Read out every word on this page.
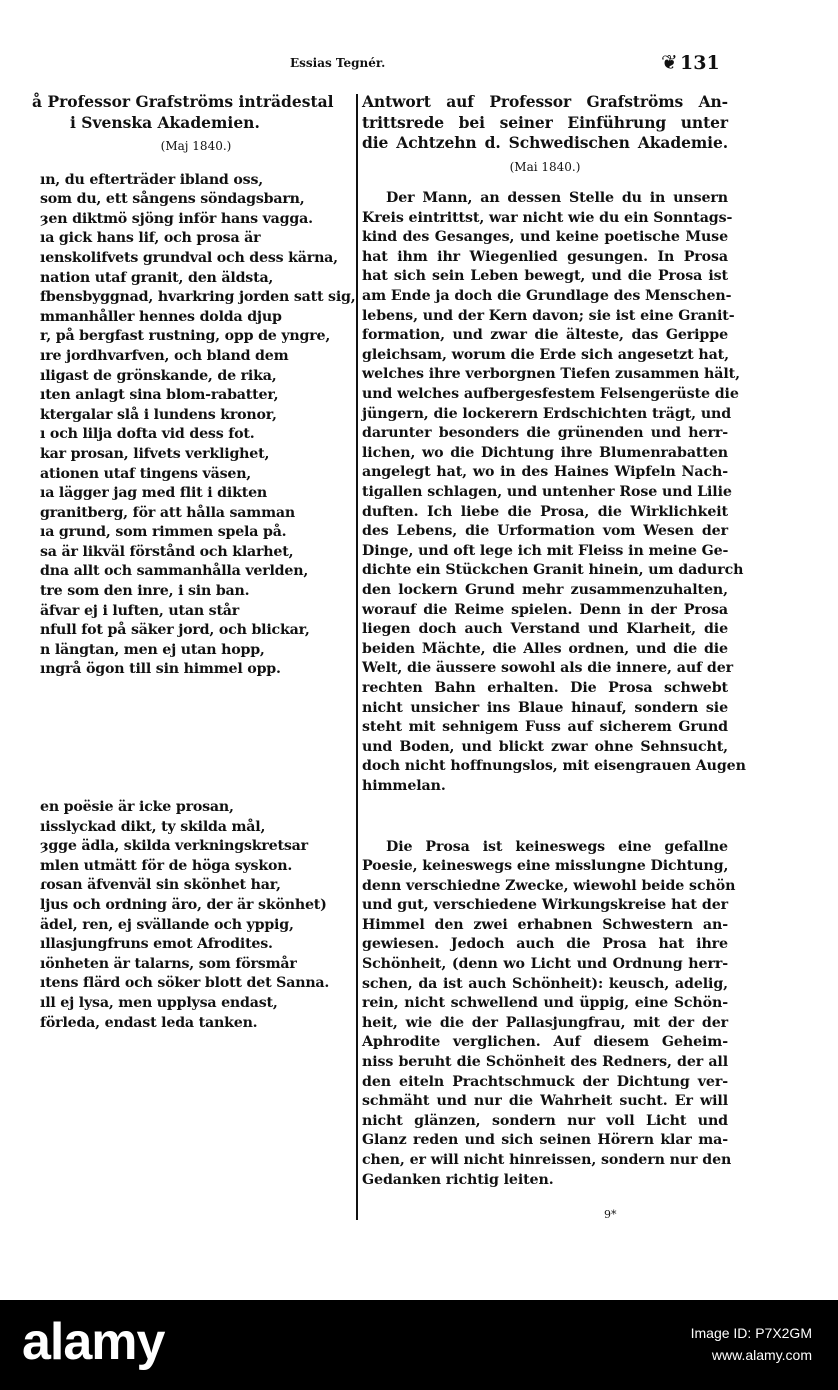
Essias Tegnér.	❦ 131
å Professor Grafströms inträdestal
i Svenska Akademien.
(Maj 1840.)
ın, du efterträder ibland oss,
som du, ett sångens söndagsbarn,
ȝen diktmö sjöng inför hans vagga.
ıa gick hans lif, och prosa är
ıenskolifvets grundval och dess kärna,
nation utaf granit, den äldsta,
fbensbyggnad, hvarkring jorden satt sig,
mmanhåller hennes dolda djup
r, på bergfast rustning, opp de yngre,
ıre jordhvarfven, och bland dem
ıligast de grönskande, de rika,
ıten anlagt sina blom-rabatter,
ktergalar slå i lundens kronor,
ı och lilja dofta vid dess fot.
kar prosan, lifvets verklighet,
ationen utaf tingens väsen,
ıa lägger jag med flit i dikten
granitberg, för att hålla samman
ıa grund, som rimmen spela på.
sa är likväl förstånd och klarhet,
dna allt och sammanhålla verlden,
tre som den inre, i sin ban.
äfvar ej i luften, utan står
nfull fot på säker jord, och blickar,
n längtan, men ej utan hopp,
ıngrå ögon till sin himmel opp.
en poësie är icke prosan,
ıisslyckad dikt, ty skilda mål,
ȝgge ädla, skilda verkningskretsar
mlen utmätt för de höga syskon.
ɾosan äfvenväl sin skönhet har,
ljus och ordning äro, der är skönhet)
ädel, ren, ej svällande och yppig,
ıllasjungfruns emot Afrodites.
ıönheten är talarns, som försmår
ıtens flärd och söker blott det Sanna.
ıll ej lysa, men upplysa endast,
förleda, endast leda tanken.
Antwort auf Professor Grafströms An-
trittsrede bei seiner Einführung unter
die Achtzehn d. Schwedischen Akademie.
(Mai 1840.)
Der Mann, an dessen Stelle du in unsern
Kreis eintrittst, war nicht wie du ein Sonntags-
kind des Gesanges, und keine poetische Muse
hat ihm ihr Wiegenlied gesungen. In Prosa
hat sich sein Leben bewegt, und die Prosa ist
am Ende ja doch die Grundlage des Menschen-
lebens, und der Kern davon; sie ist eine Granit-
formation, und zwar die älteste, das Gerippe
gleichsam, worum die Erde sich angesetzt hat,
welches ihre verborgnen Tiefen zusammen hält,
und welches aufbergesfestem Felsengerüste die
jüngern, die lockerern Erdschichten trägt, und
darunter besonders die grünenden und herr-
lichen, wo die Dichtung ihre Blumenrabatten
angelegt hat, wo in des Haines Wipfeln Nach-
tigallen schlagen, und untenher Rose und Lilie
duften. Ich liebe die Prosa, die Wirklichkeit
des Lebens, die Urformation vom Wesen der
Dinge, und oft lege ich mit Fleiss in meine Ge-
dichte ein Stückchen Granit hinein, um dadurch
den lockern Grund mehr zusammenzuhalten,
worauf die Reime spielen. Denn in der Prosa
liegen doch auch Verstand und Klarheit, die
beiden Mächte, die Alles ordnen, und die die
Welt, die äussere sowohl als die innere, auf der
rechten Bahn erhalten. Die Prosa schwebt
nicht unsicher ins Blaue hinauf, sondern sie
steht mit sehnigem Fuss auf sicherem Grund
und Boden, und blickt zwar ohne Sehnsucht,
doch nicht hoffnungslos, mit eisengrauen Augen
himmelan.
Die Prosa ist keineswegs eine gefallne
Poesie, keineswegs eine misslungne Dichtung,
denn verschiedne Zwecke, wiewohl beide schön
und gut, verschiedene Wirkungskreise hat der
Himmel den zwei erhabnen Schwestern an-
gewiesen. Jedoch auch die Prosa hat ihre
Schönheit, (denn wo Licht und Ordnung herr-
schen, da ist auch Schönheit): keusch, adelig,
rein, nicht schwellend und üppig, eine Schön-
heit, wie die der Pallasjungfrau, mit der der
Aphrodite verglichen. Auf diesem Geheim-
niss beruht die Schönheit des Redners, der all
den eiteln Prachtschmuck der Dichtung ver-
schmäht und nur die Wahrheit sucht. Er will
nicht glänzen, sondern nur voll Licht und
Glanz reden und sich seinen Hörern klar ma-
chen, er will nicht hinreissen, sondern nur den
Gedanken richtig leiten.
9*
alamy	Image ID: P7X2GM
www.alamy.com
